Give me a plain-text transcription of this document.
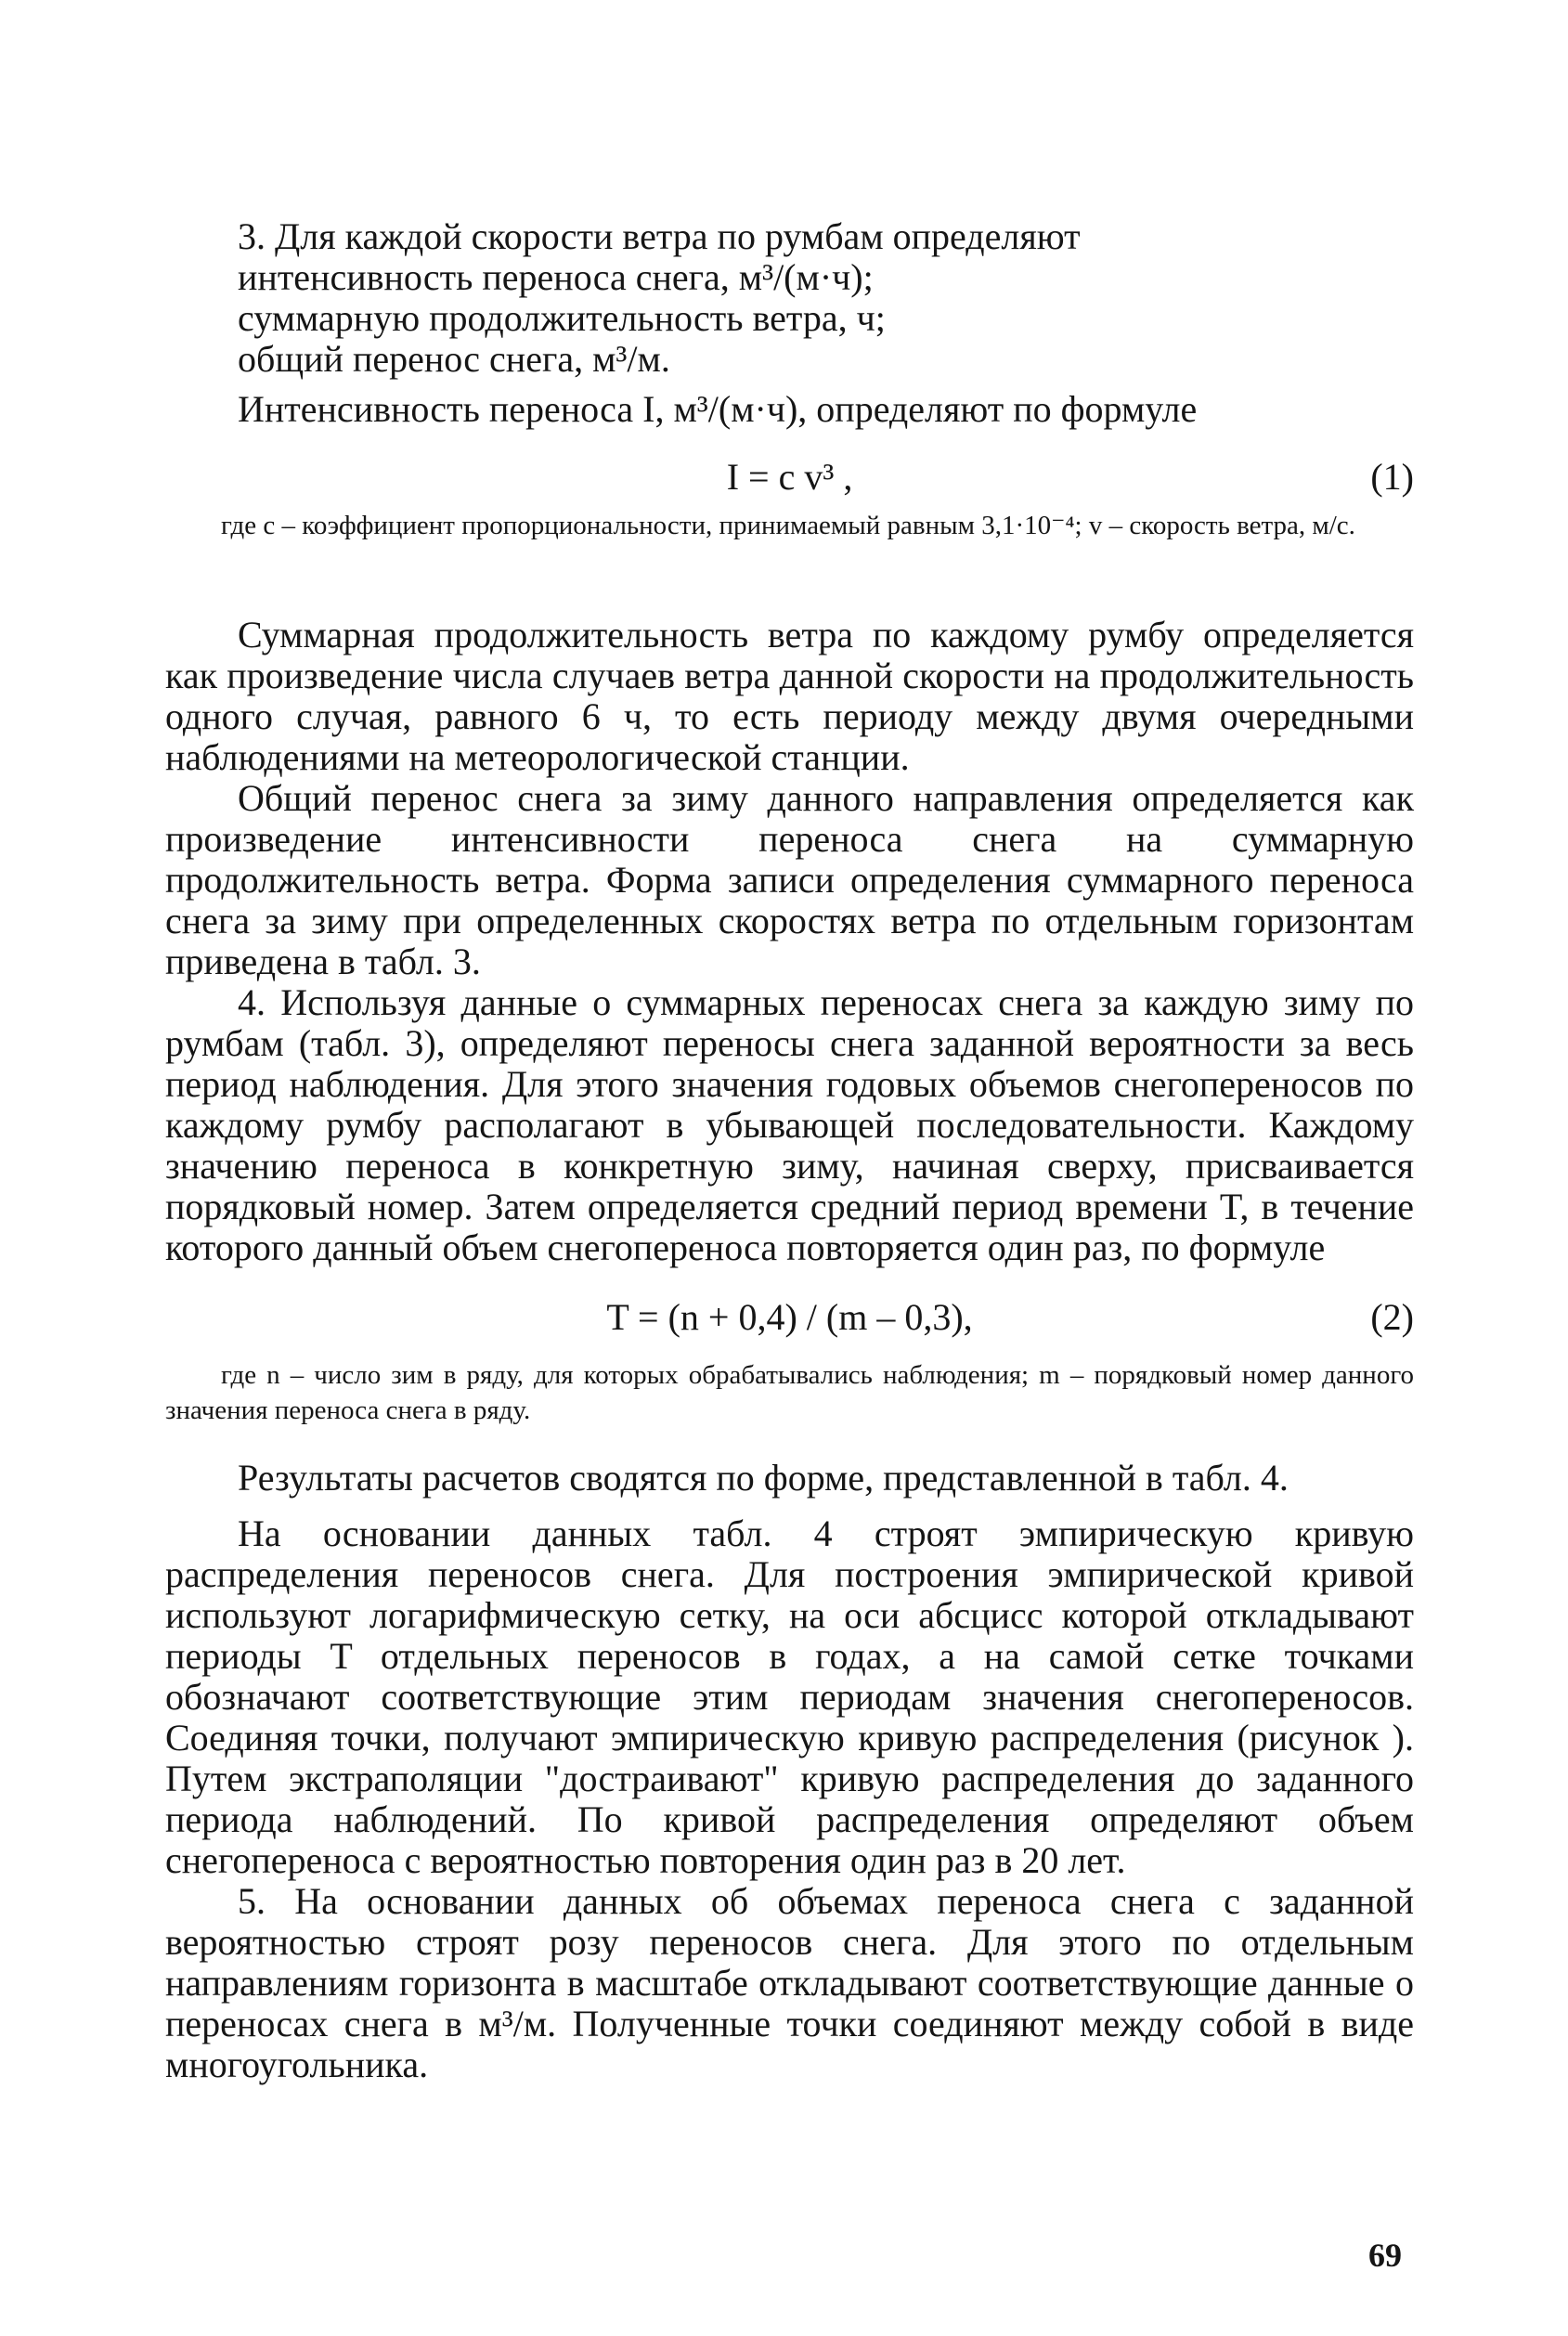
3. Для каждой скорости ветра по румбам определяют

интенсивность переноса снега, м³/(м·ч);

суммарную продолжительность ветра, ч;

общий перенос снега, м³/м.

Интенсивность переноса I, м³/(м·ч), определяют по формуле

I = c v³ ,	(1)

где c – коэффициент пропорциональности, принимаемый равным 3,1·10⁻⁴; v – скорость ветра, м/с.

Суммарная продолжительность ветра по каждому румбу определяется как произведение числа случаев ветра данной скорости на продолжительность одного случая, равного 6 ч, то есть периоду между двумя очередными наблюдениями на метеорологической станции.

Общий перенос снега за зиму данного направления определяется как произведение интенсивности переноса снега на суммарную продолжительность ветра. Форма записи определения суммарного переноса снега за зиму при определенных скоростях ветра по отдельным горизонтам приведена в табл. 3.

4. Используя данные о суммарных переносах снега за каждую зиму по румбам (табл. 3), определяют переносы снега заданной вероятности за весь период наблюдения. Для этого значения годовых объемов снегопереносов по каждому румбу располагают в убывающей последовательности. Каждому значению переноса в конкретную зиму, начиная сверху, присваивается порядковый номер. Затем определяется средний период времени T, в течение которого данный объем снегопереноса повторяется один раз, по формуле

T = (n + 0,4) / (m – 0,3),	(2)

где n – число зим в ряду, для которых обрабатывались наблюдения; m – порядковый номер данного значения переноса снега в ряду.

Результаты расчетов сводятся по форме, представленной в табл. 4.

На основании данных табл. 4 строят эмпирическую кривую распределения переносов снега. Для построения эмпирической кривой используют логарифмическую сетку, на оси абсцисс которой откладывают периоды T отдельных переносов в годах, а на самой сетке точками обозначают соответствующие этим периодам значения снегопереносов. Соединяя точки, получают эмпирическую кривую распределения (рисунок ). Путем экстраполяции "достраивают" кривую распределения до заданного периода наблюдений. По кривой распределения определяют объем снегопереноса с вероятностью повторения один раз в 20 лет.

5. На основании данных об объемах переноса снега с заданной вероятностью строят розу переносов снега. Для этого по отдельным направлениям горизонта в масштабе откладывают соответствующие данные о переносах снега в м³/м. Полученные точки соединяют между собой в виде многоугольника.

69
